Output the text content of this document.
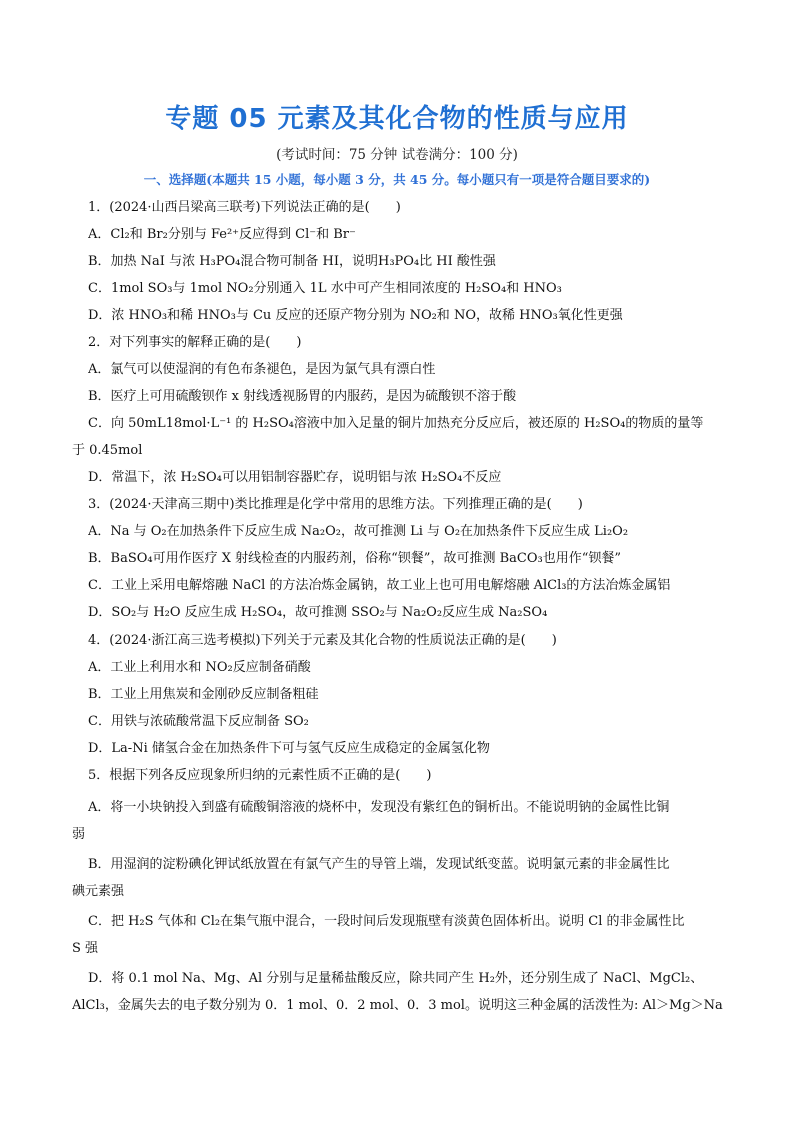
专题 05 元素及其化合物的性质与应用
(考试时间：75 分钟 试卷满分：100 分)
一、选择题(本题共 15 小题，每小题 3 分，共 45 分。每小题只有一项是符合题目要求的)
1．(2024·山西吕梁高三联考)下列说法正确的是(　　)
A．Cl₂和 Br₂分别与 Fe²⁺反应得到 Cl⁻和 Br⁻
B．加热 NaI 与浓 H₃PO₄混合物可制备 HI，说明H₃PO₄比 HI 酸性强
C．1mol SO₃与 1mol NO₂分别通入 1L 水中可产生相同浓度的 H₂SO₄和 HNO₃
D．浓 HNO₃和稀 HNO₃与 Cu 反应的还原产物分别为 NO₂和 NO，故稀 HNO₃氧化性更强
2．对下列事实的解释正确的是(　　)
A．氯气可以使湿润的有色布条褪色，是因为氯气具有漂白性
B．医疗上可用硫酸钡作 x 射线透视肠胃的内服药，是因为硫酸钡不溶于酸
C．向 50mL18mol·L⁻¹ 的 H₂SO₄溶液中加入足量的铜片加热充分反应后，被还原的 H₂SO₄的物质的量等
于 0.45mol
D．常温下，浓 H₂SO₄可以用铝制容器贮存，说明铝与浓 H₂SO₄不反应
3．(2024·天津高三期中)类比推理是化学中常用的思维方法。下列推理正确的是(　　)
A．Na 与 O₂在加热条件下反应生成 Na₂O₂，故可推测 Li 与 O₂在加热条件下反应生成 Li₂O₂
B．BaSO₄可用作医疗 X 射线检查的内服药剂，俗称“钡餐”，故可推测 BaCO₃也用作“钡餐”
C．工业上采用电解熔融 NaCl 的方法冶炼金属钠，故工业上也可用电解熔融 AlCl₃的方法冶炼金属铝
D．SO₂与 H₂O 反应生成 H₂SO₄，故可推测 SSO₂与 Na₂O₂反应生成 Na₂SO₄
4．(2024·浙江高三选考模拟)下列关于元素及其化合物的性质说法正确的是(　　)
A．工业上利用水和 NO₂反应制备硝酸
B．工业上用焦炭和金刚砂反应制备粗硅
C．用铁与浓硫酸常温下反应制备 SO₂
D．La-Ni 储氢合金在加热条件下可与氢气反应生成稳定的金属氢化物
5．根据下列各反应现象所归纳的元素性质不正确的是(　　)
A．将一小块钠投入到盛有硫酸铜溶液的烧杯中，发现没有紫红色的铜析出。不能说明钠的金属性比铜
弱
B．用湿润的淀粉碘化钾试纸放置在有氯气产生的导管上端，发现试纸变蓝。说明氯元素的非金属性比
碘元素强
C．把 H₂S 气体和 Cl₂在集气瓶中混合，一段时间后发现瓶壁有淡黄色固体析出。说明 Cl 的非金属性比
S 强
D．将 0.1 mol Na、Mg、Al 分别与足量稀盐酸反应，除共同产生 H₂外，还分别生成了 NaCl、MgCl₂、
AlCl₃，金属失去的电子数分别为 0．1 mol、0．2 mol、0．3 mol。说明这三种金属的活泼性为: Al＞Mg＞Na
